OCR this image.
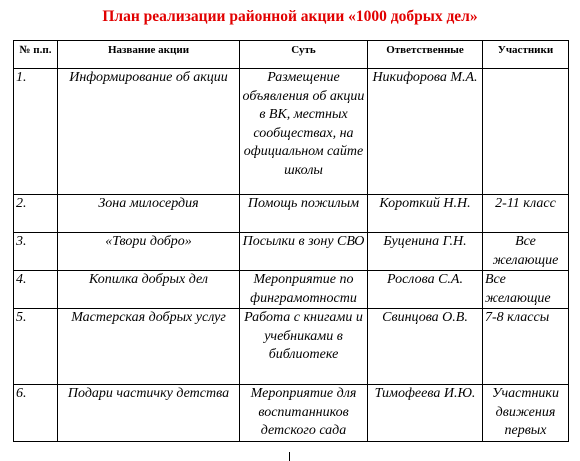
План реализации районной акции «1000 добрых дел»
№ п.п.	Название акции	Суть	Ответственные	Участники
1.	Информирование об акции	Размещение объявления об акции в ВК, местных сообществах, на официальном сайте школы	Никифорова М.А.	
2.	Зона милосердия	Помощь пожилым	Короткий Н.Н.	2-11 класс
3.	«Твори добро»	Посылки в зону СВО	Буценина Г.Н.	Все желающие
4.	Копилка добрых дел	Мероприятие по финграмотности	Рослова С.А.	Все желающие
5.	Мастерская добрых услуг	Работа с книгами и учебниками в библиотеке	Свинцова О.В.	7-8 классы
6.	Подари частичку детства	Мероприятие для воспитанников детского сада	Тимофеева И.Ю.	Участники движения первых
